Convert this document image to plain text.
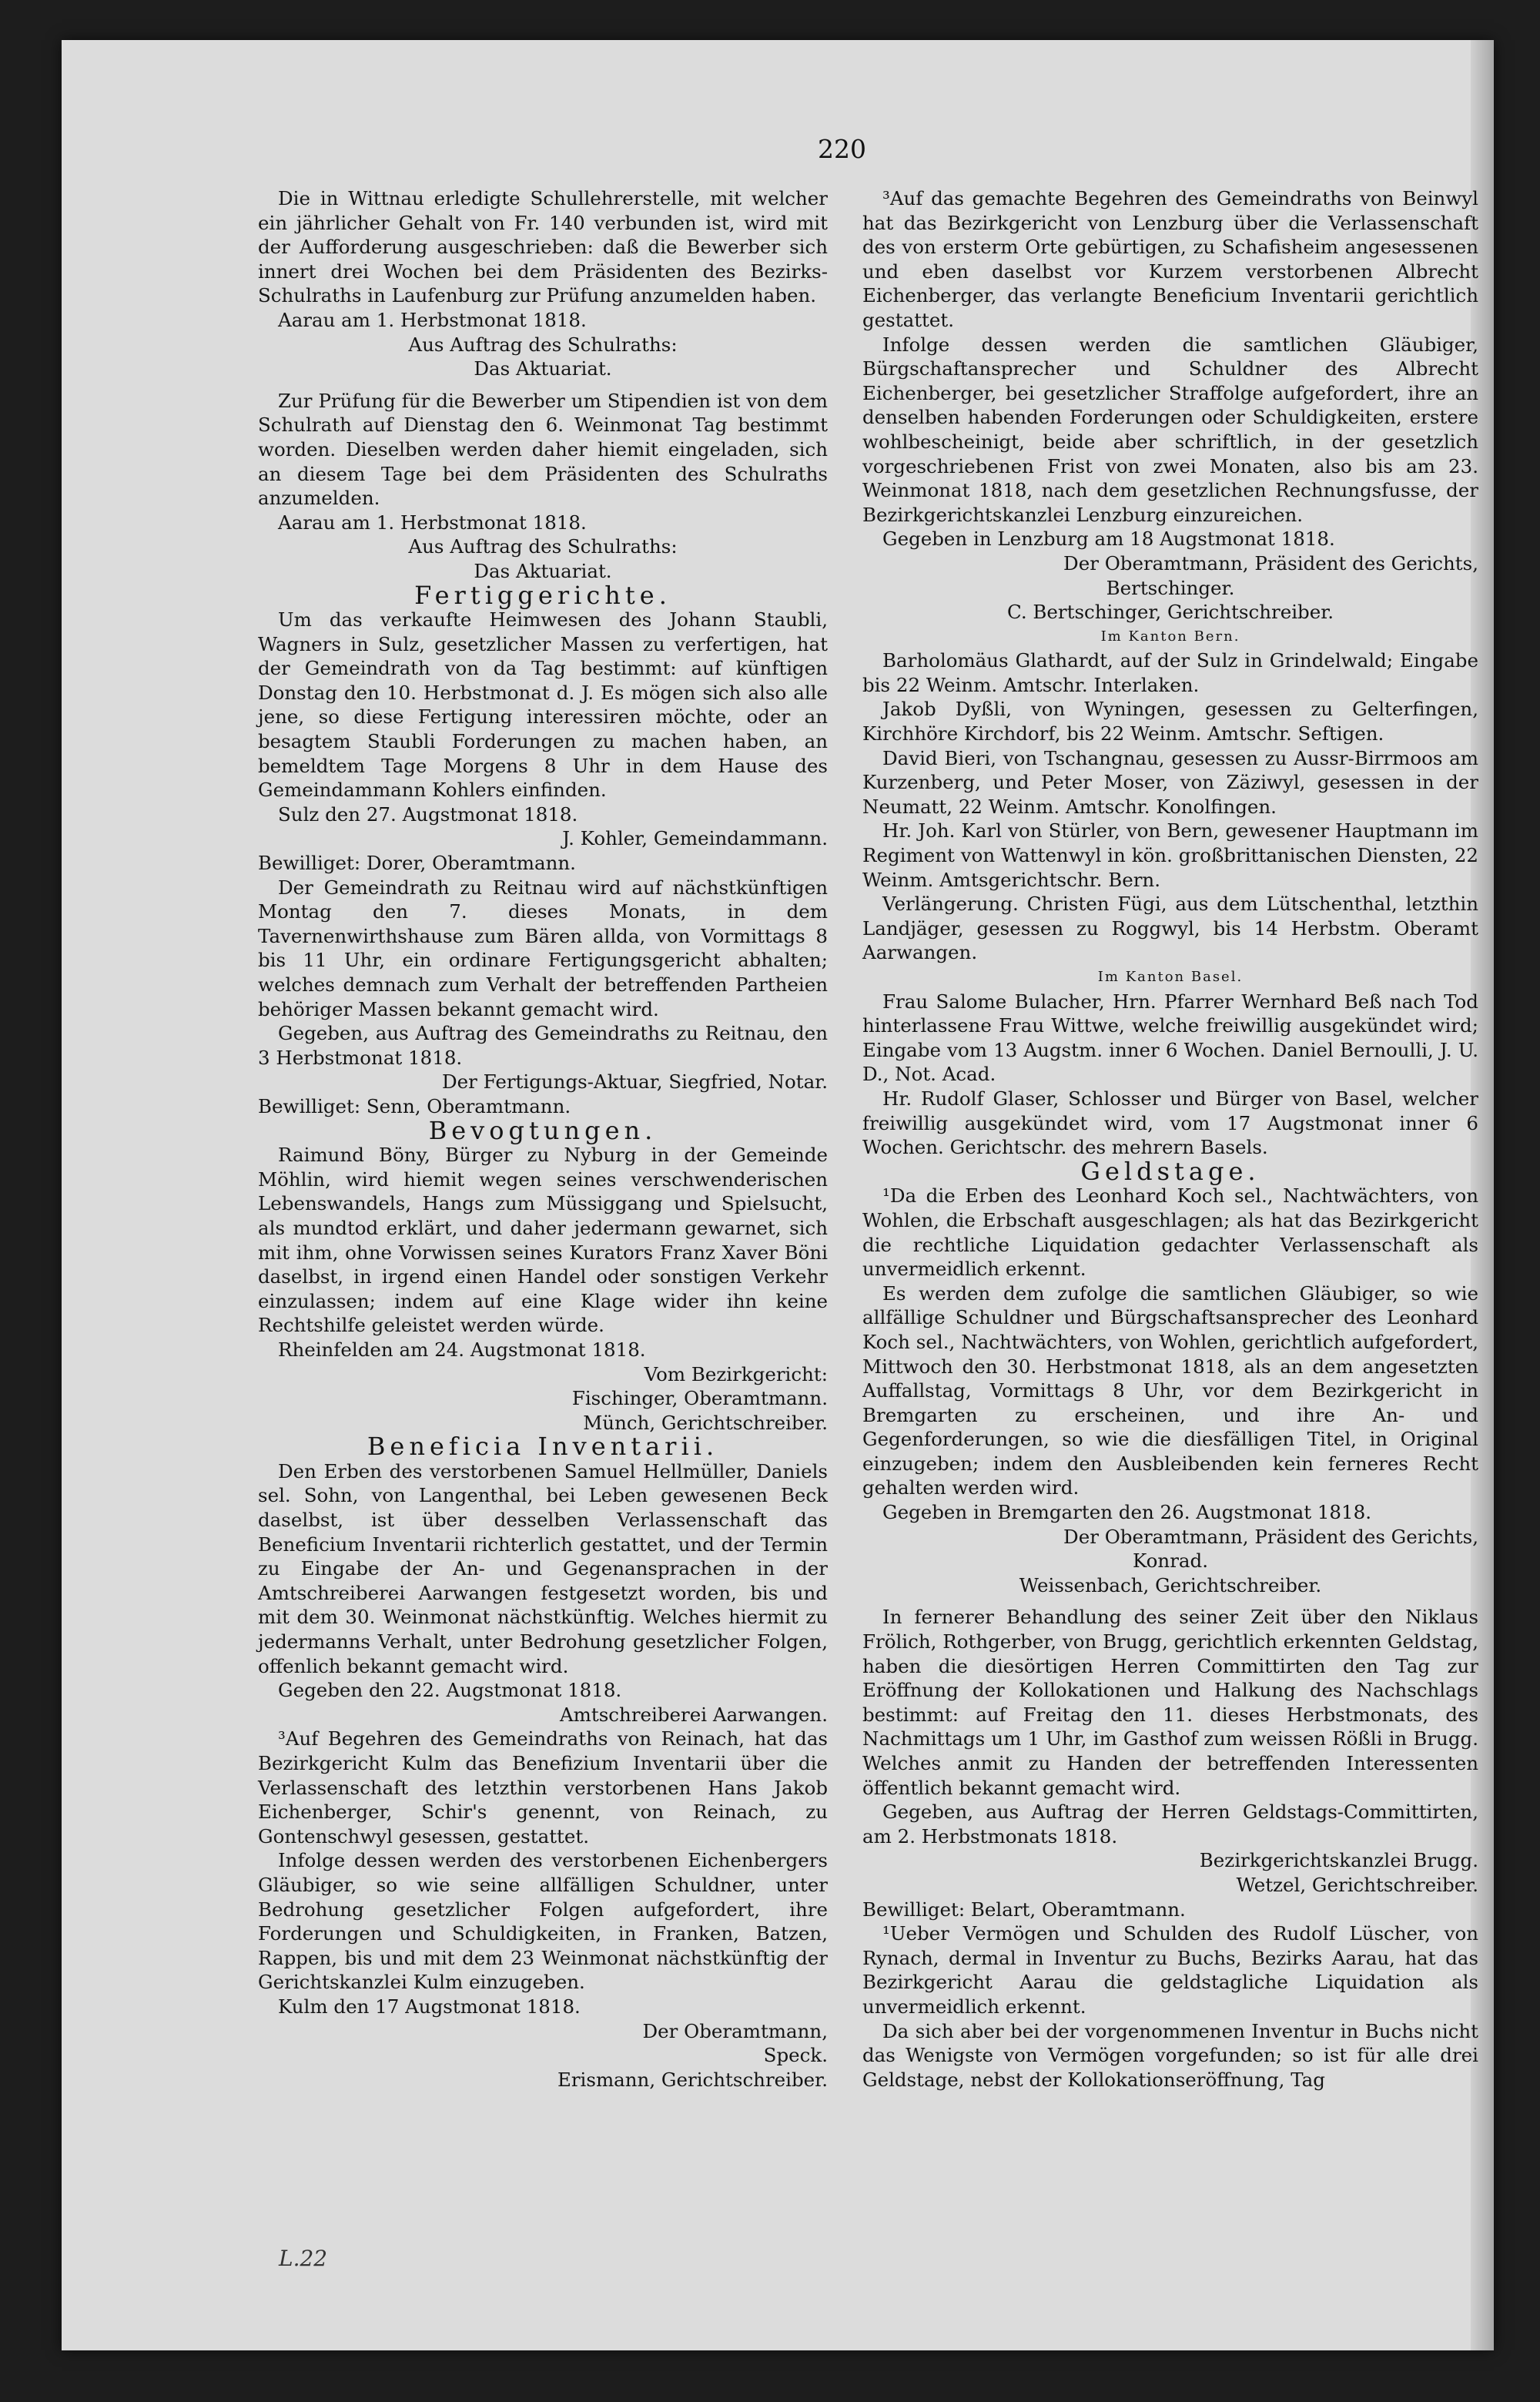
220

Die in Wittnau erledigte Schullehrerstelle, mit welcher ein jährlicher Gehalt von Fr. 140 verbunden ist, wird mit der Aufforderung ausgeschrieben: daß die Bewerber sich innert drei Wochen bei dem Präsidenten des Bezirks-Schulraths in Laufenburg zur Prüfung anzumelden haben.

Aarau am 1. Herbstmonat 1818.

Aus Auftrag des Schulraths:

Das Aktuariat.

Zur Prüfung für die Bewerber um Stipendien ist von dem Schulrath auf Dienstag den 6. Weinmonat Tag bestimmt worden. Dieselben werden daher hiemit eingeladen, sich an diesem Tage bei dem Präsidenten des Schulraths anzumelden.

Aarau am 1. Herbstmonat 1818.

Aus Auftrag des Schulraths:

Das Aktuariat.

Fertiggerichte.

Um das verkaufte Heimwesen des Johann Staubli, Wagners in Sulz, gesetzlicher Massen zu verfertigen, hat der Gemeindrath von da Tag bestimmt: auf künftigen Donstag den 10. Herbstmonat d. J. Es mögen sich also alle jene, so diese Fertigung interessiren möchte, oder an besagtem Staubli Forderungen zu machen haben, an bemeldtem Tage Morgens 8 Uhr in dem Hause des Gemeindammann Kohlers einfinden.

Sulz den 27. Augstmonat 1818.

J. Kohler, Gemeindammann.

Bewilliget: Dorer, Oberamtmann.

Der Gemeindrath zu Reitnau wird auf nächstkünftigen Montag den 7. dieses Monats, in dem Tavernenwirthshause zum Bären allda, von Vormittags 8 bis 11 Uhr, ein ordinare Fertigungsgericht abhalten; welches demnach zum Verhalt der betreffenden Partheien behöriger Massen bekannt gemacht wird.

Gegeben, aus Auftrag des Gemeindraths zu Reitnau, den 3 Herbstmonat 1818.

Der Fertigungs-Aktuar, Siegfried, Notar.

Bewilliget: Senn, Oberamtmann.

Bevogtungen.

Raimund Böny, Bürger zu Nyburg in der Gemeinde Möhlin, wird hiemit wegen seines verschwenderischen Lebenswandels, Hangs zum Müssiggang und Spielsucht, als mundtod erklärt, und daher jedermann gewarnet, sich mit ihm, ohne Vorwissen seines Kurators Franz Xaver Böni daselbst, in irgend einen Handel oder sonstigen Verkehr einzulassen; indem auf eine Klage wider ihn keine Rechtshilfe geleistet werden würde.

Rheinfelden am 24. Augstmonat 1818.

Vom Bezirkgericht:

Fischinger, Oberamtmann.

Münch, Gerichtschreiber.

Beneficia Inventarii.

Den Erben des verstorbenen Samuel Hellmüller, Daniels sel. Sohn, von Langenthal, bei Leben gewesenen Beck daselbst, ist über desselben Verlassenschaft das Beneficium Inventarii richterlich gestattet, und der Termin zu Eingabe der An- und Gegenansprachen in der Amtschreiberei Aarwangen festgesetzt worden, bis und mit dem 30. Weinmonat nächstkünftig. Welches hiermit zu jedermanns Verhalt, unter Bedrohung gesetzlicher Folgen, offenlich bekannt gemacht wird.

Gegeben den 22. Augstmonat 1818.

Amtschreiberei Aarwangen.

³Auf Begehren des Gemeindraths von Reinach, hat das Bezirkgericht Kulm das Benefizium Inventarii über die Verlassenschaft des letzthin verstorbenen Hans Jakob Eichenberger, Schir's genennt, von Reinach, zu Gontenschwyl gesessen, gestattet.

Infolge dessen werden des verstorbenen Eichenbergers Gläubiger, so wie seine allfälligen Schuldner, unter Bedrohung gesetzlicher Folgen aufgefordert, ihre Forderungen und Schuldigkeiten, in Franken, Batzen, Rappen, bis und mit dem 23 Weinmonat nächstkünftig der Gerichtskanzlei Kulm einzugeben.

Kulm den 17 Augstmonat 1818.

Der Oberamtmann,

Speck.

Erismann, Gerichtschreiber.

³Auf das gemachte Begehren des Gemeindraths von Beinwyl hat das Bezirkgericht von Lenzburg über die Verlassenschaft des von ersterm Orte gebürtigen, zu Schafisheim angesessenen und eben daselbst vor Kurzem verstorbenen Albrecht Eichenberger, das verlangte Beneficium Inventarii gerichtlich gestattet.

Infolge dessen werden die samtlichen Gläubiger, Bürgschaftansprecher und Schuldner des Albrecht Eichenberger, bei gesetzlicher Straffolge aufgefordert, ihre an denselben habenden Forderungen oder Schuldigkeiten, erstere wohlbescheinigt, beide aber schriftlich, in der gesetzlich vorgeschriebenen Frist von zwei Monaten, also bis am 23. Weinmonat 1818, nach dem gesetzlichen Rechnungsfusse, der Bezirkgerichtskanzlei Lenzburg einzureichen.

Gegeben in Lenzburg am 18 Augstmonat 1818.

Der Oberamtmann, Präsident des Gerichts,

Bertschinger.

C. Bertschinger, Gerichtschreiber.

Im Kanton Bern.

Barholomäus Glathardt, auf der Sulz in Grindelwald; Eingabe bis 22 Weinm. Amtschr. Interlaken.

Jakob Dyßli, von Wyningen, gesessen zu Gelterfingen, Kirchhöre Kirchdorf, bis 22 Weinm. Amtschr. Seftigen.

David Bieri, von Tschangnau, gesessen zu Aussr-Birrmoos am Kurzenberg, und Peter Moser, von Zäziwyl, gesessen in der Neumatt, 22 Weinm. Amtschr. Konolfingen.

Hr. Joh. Karl von Stürler, von Bern, gewesener Hauptmann im Regiment von Wattenwyl in kön. großbrittanischen Diensten, 22 Weinm. Amtsgerichtschr. Bern.

Verlängerung. Christen Fügi, aus dem Lütschenthal, letzthin Landjäger, gesessen zu Roggwyl, bis 14 Herbstm. Oberamt Aarwangen.

Im Kanton Basel.

Frau Salome Bulacher, Hrn. Pfarrer Wernhard Beß nach Tod hinterlassene Frau Wittwe, welche freiwillig ausgekündet wird; Eingabe vom 13 Augstm. inner 6 Wochen. Daniel Bernoulli, J. U. D., Not. Acad.

Hr. Rudolf Glaser, Schlosser und Bürger von Basel, welcher freiwillig ausgekündet wird, vom 17 Augstmonat inner 6 Wochen. Gerichtschr. des mehrern Basels.

Geldstage.

¹Da die Erben des Leonhard Koch sel., Nachtwächters, von Wohlen, die Erbschaft ausgeschlagen; als hat das Bezirkgericht die rechtliche Liquidation gedachter Verlassenschaft als unvermeidlich erkennt.

Es werden dem zufolge die samtlichen Gläubiger, so wie allfällige Schuldner und Bürgschaftsansprecher des Leonhard Koch sel., Nachtwächters, von Wohlen, gerichtlich aufgefordert, Mittwoch den 30. Herbstmonat 1818, als an dem angesetzten Auffallstag, Vormittags 8 Uhr, vor dem Bezirkgericht in Bremgarten zu erscheinen, und ihre An- und Gegenforderungen, so wie die diesfälligen Titel, in Original einzugeben; indem den Ausbleibenden kein ferneres Recht gehalten werden wird.

Gegeben in Bremgarten den 26. Augstmonat 1818.

Der Oberamtmann, Präsident des Gerichts,

Konrad.

Weissenbach, Gerichtschreiber.

In fernerer Behandlung des seiner Zeit über den Niklaus Frölich, Rothgerber, von Brugg, gerichtlich erkennten Geldstag, haben die diesörtigen Herren Committirten den Tag zur Eröffnung der Kollokationen und Halkung des Nachschlags bestimmt: auf Freitag den 11. dieses Herbstmonats, des Nachmittags um 1 Uhr, im Gasthof zum weissen Rößli in Brugg. Welches anmit zu Handen der betreffenden Interessenten öffentlich bekannt gemacht wird.

Gegeben, aus Auftrag der Herren Geldstags-Committirten, am 2. Herbstmonats 1818.

Bezirkgerichtskanzlei Brugg.

Wetzel, Gerichtschreiber.

Bewilliget: Belart, Oberamtmann.

¹Ueber Vermögen und Schulden des Rudolf Lüscher, von Rynach, dermal in Inventur zu Buchs, Bezirks Aarau, hat das Bezirkgericht Aarau die geldstagliche Liquidation als unvermeidlich erkennt.

Da sich aber bei der vorgenommenen Inventur in Buchs nicht das Wenigste von Vermögen vorgefunden; so ist für alle drei Geldstage, nebst der Kollokationseröffnung, Tag

L.22
